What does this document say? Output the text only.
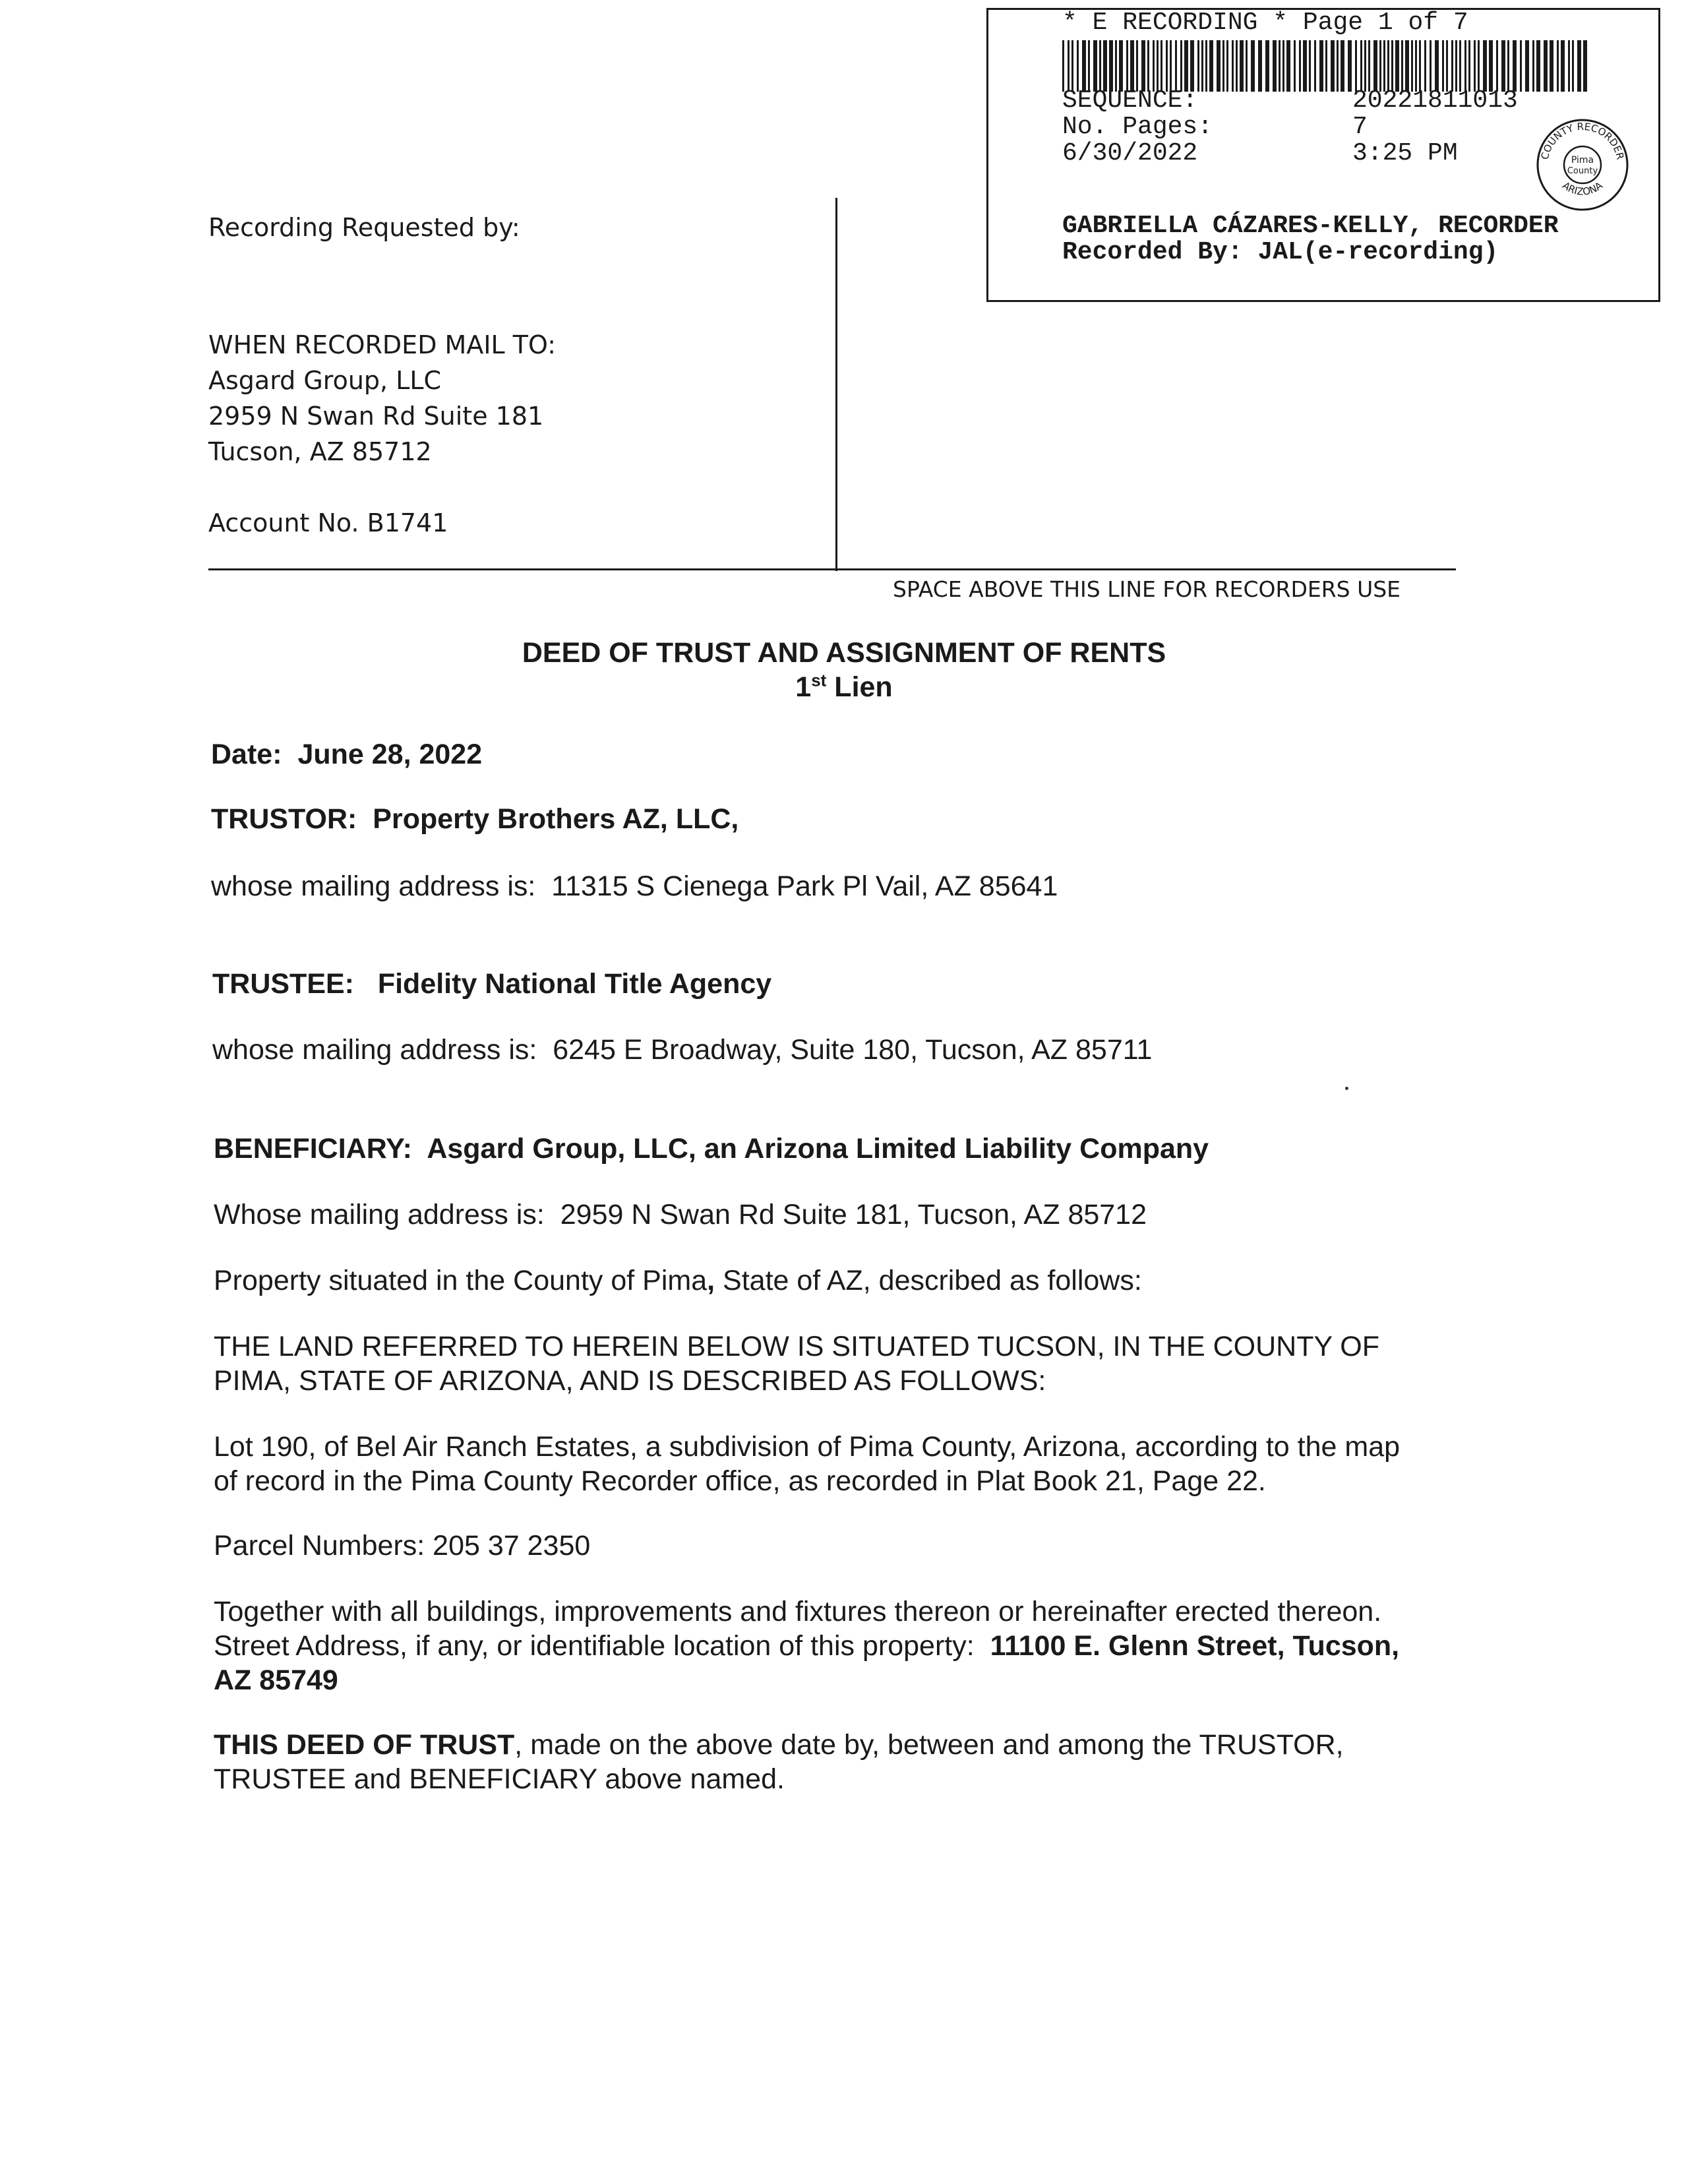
* E RECORDING * Page 1 of 7
SEQUENCE:	20221811013
No. Pages:	7
6/30/2022	3:25 PM	COUNTY RECORDER
ARIZONA
Pima
County
GABRIELLA CÁZARES-KELLY, RECORDER
Recorded By: JAL(e-recording)
Recording Requested by:
WHEN RECORDED MAIL TO:
Asgard Group, LLC
2959 N Swan Rd Suite 181
Tucson, AZ 85712
Account No. B1741
SPACE ABOVE THIS LINE FOR RECORDERS USE
DEED OF TRUST AND ASSIGNMENT OF RENTS
1st Lien
Date: June 28, 2022
TRUSTOR: Property Brothers AZ, LLC,
whose mailing address is:  11315 S Cienega Park Pl Vail, AZ 85641
TRUSTEE: Fidelity National Title Agency
whose mailing address is:  6245 E Broadway, Suite 180, Tucson, AZ 85711
BENEFICIARY: Asgard Group, LLC, an Arizona Limited Liability Company
Whose mailing address is:  2959 N Swan Rd Suite 181, Tucson, AZ 85712
Property situated in the County of Pima, State of AZ, described as follows:
THE LAND REFERRED TO HEREIN BELOW IS SITUATED TUCSON, IN THE COUNTY OF
PIMA, STATE OF ARIZONA, AND IS DESCRIBED AS FOLLOWS:
Lot 190, of Bel Air Ranch Estates, a subdivision of Pima County, Arizona, according to the map
of record in the Pima County Recorder office, as recorded in Plat Book 21, Page 22.
Parcel Numbers: 205 37 2350
Together with all buildings, improvements and fixtures thereon or hereinafter erected thereon.
Street Address, if any, or identifiable location of this property: 11100 E. Glenn Street, Tucson,
AZ 85749
THIS DEED OF TRUST, made on the above date by, between and among the TRUSTOR,
TRUSTEE and BENEFICIARY above named.
